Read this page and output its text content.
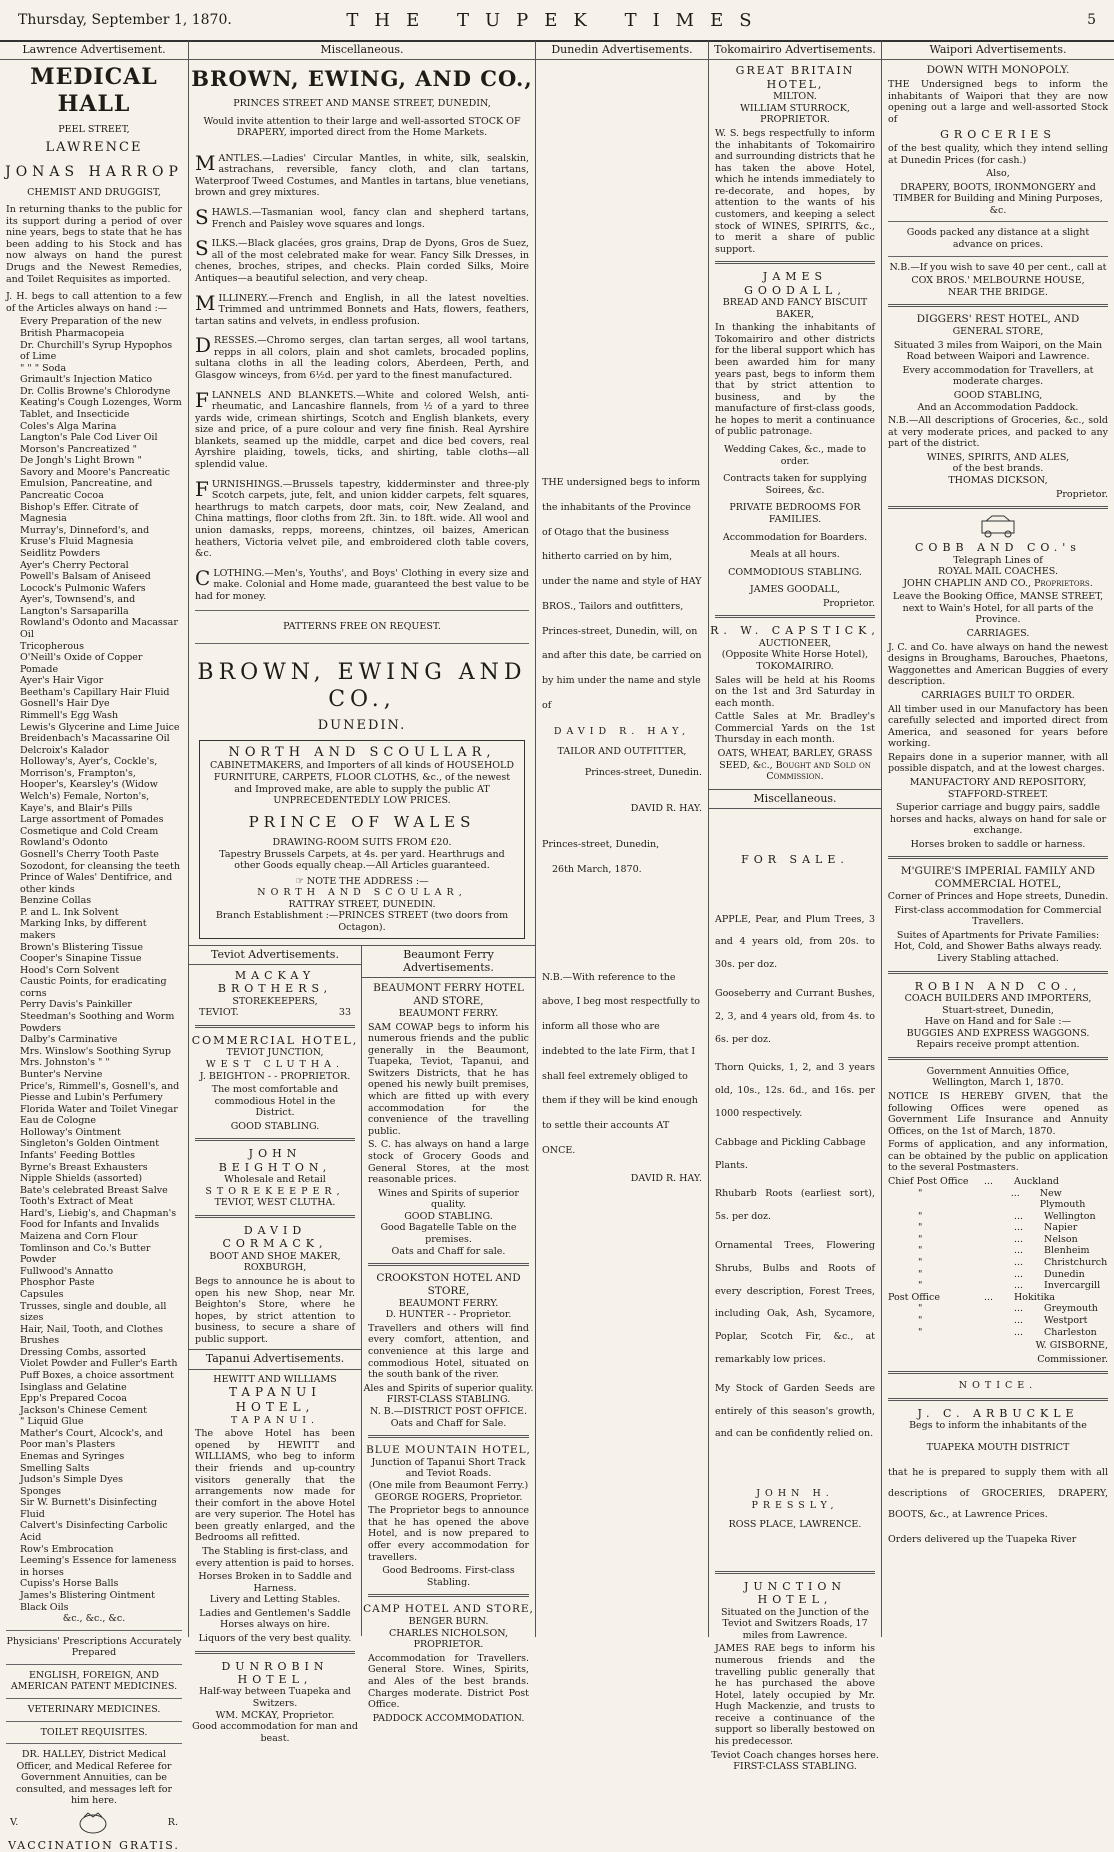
Thursday, September 1, 1870.	THE TUPEK TIMES	5
Lawrence Advertisement.
MEDICAL HALL
PEEL STREET,
LAWRENCE
JONAS HARROP
CHEMIST AND DRUGGIST,
In returning thanks to the public for its support during a period of over nine years, begs to state that he has been adding to his Stock and has now always on hand the purest Drugs and the Newest Remedies, and Toilet Requisites as imported.
J. H. begs to call attention to a few of the Articles always on hand :—
Every Preparation of the new British Pharmacopeia
Dr. Churchill's Syrup Hypophos of Lime
" " " Soda
Grimault's Injection Matico
Dr. Collis Browne's Chlorodyne
Keating's Cough Lozenges, Worm Tablet, and Insecticide
Coles's Alga Marina
Langton's Pale Cod Liver Oil
Morson's Pancreatized "
De Jongh's Light Brown "
Savory and Moore's Pancreatic Emulsion, Pancreatine, and Pancreatic Cocoa
Bishop's Effer. Citrate of Magnesia
Murray's, Dinneford's, and Kruse's Fluid Magnesia
Seidlitz Powders
Ayer's Cherry Pectoral
Powell's Balsam of Aniseed
Locock's Pulmonic Wafers
Ayer's, Townsend's, and Langton's Sarsaparilla
Rowland's Odonto and Macassar Oil
Tricopherous
O'Neill's Oxide of Copper Pomade
Ayer's Hair Vigor
Beetham's Capillary Hair Fluid
Gosnell's Hair Dye
Rimmell's Egg Wash
Lewis's Glycerine and Lime Juice
Breidenbach's Macassarine Oil
Delcroix's Kalador
Holloway's, Ayer's, Cockle's, Morrison's, Frampton's, Hooper's, Kearsley's (Widow Welch's) Female, Norton's, Kaye's, and Blair's Pills
Large assortment of Pomades
Cosmetique and Cold Cream
Rowland's Odonto
Gosnell's Cherry Tooth Paste
Sozodont, for cleansing the teeth
Prince of Wales' Dentifrice, and other kinds
Benzine Collas
P. and L. Ink Solvent
Marking Inks, by different makers
Brown's Blistering Tissue
Cooper's Sinapine Tissue
Hood's Corn Solvent
Caustic Points, for eradicating corns
Perry Davis's Painkiller
Steedman's Soothing and Worm Powders
Dalby's Carminative
Mrs. Winslow's Soothing Syrup
Mrs. Johnston's " "
Bunter's Nervine
Price's, Rimmell's, Gosnell's, and Piesse and Lubin's Perfumery
Florida Water and Toilet Vinegar
Eau de Cologne
Holloway's Ointment
Singleton's Golden Ointment
Infants' Feeding Bottles
Byrne's Breast Exhausters
Nipple Shields (assorted)
Bate's celebrated Breast Salve
Tooth's Extract of Meat
Hard's, Liebig's, and Chapman's Food for Infants and Invalids
Maizena and Corn Flour
Tomlinson and Co.'s Butter Powder
Fullwood's Annatto
Phosphor Paste
Capsules
Trusses, single and double, all sizes
Hair, Nail, Tooth, and Clothes Brushes
Dressing Combs, assorted
Violet Powder and Fuller's Earth
Puff Boxes, a choice assortment
Isinglass and Gelatine
Epp's Prepared Cocoa
Jackson's Chinese Cement
" Liquid Glue
Mather's Court, Alcock's, and Poor man's Plasters
Enemas and Syringes
Smelling Salts
Judson's Simple Dyes
Sponges
Sir W. Burnett's Disinfecting Fluid
Calvert's Disinfecting Carbolic Acid
Row's Embrocation
Leeming's Essence for lameness in horses
Cupiss's Horse Balls
James's Blistering Ointment
Black Oils
&c., &c., &c.
Physicians' Prescriptions Accurately Prepared
ENGLISH, FOREIGN, AND AMERICAN PATENT MEDICINES.
VETERINARY MEDICINES.
TOILET REQUISITES.
DR. HALLEY, District Medical Officer, and Medical Referee for Government Annuities, can be consulted, and messages left for him here.
V.	R.
VACCINATION GRATIS.
Miscellaneous.
BROWN, EWING, AND CO.,
PRINCES STREET AND MANSE STREET, DUNEDIN,
Would invite attention to their large and well-assorted STOCK OF DRAPERY, imported direct from the Home Markets.
MANTLES.—Ladies' Circular Mantles, in white, silk, sealskin, astrachans, reversible, fancy cloth, and clan tartans, Waterproof Tweed Costumes, and Mantles in tartans, blue venetians, brown and grey mixtures.
SHAWLS.—Tasmanian wool, fancy clan and shepherd tartans, French and Paisley wove squares and longs.
SILKS.—Black glacées, gros grains, Drap de Dyons, Gros de Suez, all of the most celebrated make for wear. Fancy Silk Dresses, in chenes, broches, stripes, and checks. Plain corded Silks, Moire Antiques—a beautiful selection, and very cheap.
MILLINERY.—French and English, in all the latest novelties. Trimmed and untrimmed Bonnets and Hats, flowers, feathers, tartan satins and velvets, in endless profusion.
DRESSES.—Chromo serges, clan tartan serges, all wool tartans, repps in all colors, plain and shot camlets, brocaded poplins, sultana cloths in all the leading colors, Aberdeen, Perth, and Glasgow winceys, from 6½d. per yard to the finest manufactured.
FLANNELS AND BLANKETS.—White and colored Welsh, anti-rheumatic, and Lancashire flannels, from ½ of a yard to three yards wide, crimean shirtings, Scotch and English blankets, every size and price, of a pure colour and very fine finish. Real Ayrshire blankets, seamed up the middle, carpet and dice bed covers, real Ayrshire plaiding, towels, ticks, and shirting, table cloths—all splendid value.
FURNISHINGS.—Brussels tapestry, kidderminster and three-ply Scotch carpets, jute, felt, and union kidder carpets, felt squares, hearthrugs to match carpets, door mats, coir, New Zealand, and China mattings, floor cloths from 2ft. 3in. to 18ft. wide. All wool and union damasks, repps, moreens, chintzes, oil baizes, American heathers, Victoria velvet pile, and embroidered cloth table covers, &c.
CLOTHING.—Men's, Youths', and Boys' Clothing in every size and make. Colonial and Home made, guaranteed the best value to be had for money.
PATTERNS FREE ON REQUEST.
BROWN, EWING AND CO.,
DUNEDIN.
NORTH AND SCOULLAR,
CABINETMAKERS, and Importers of all kinds of HOUSEHOLD FURNITURE, CARPETS, FLOOR CLOTHS, &c., of the newest and Improved make, are able to supply the public AT UNPRECEDENTEDLY LOW PRICES.
PRINCE OF WALES
DRAWING-ROOM SUITS FROM £20.
Tapestry Brussels Carpets, at 4s. per yard. Hearthrugs and other Goods equally cheap.—All Articles guaranteed.
☞ NOTE THE ADDRESS :—
NORTH AND SCOULAR,
RATTRAY STREET, DUNEDIN.
Branch Establishment :—PRINCES STREET (two doors from Octagon).
Teviot Advertisements.
MACKAY BROTHERS,
STOREKEEPERS,
TEVIOT.	33
COMMERCIAL HOTEL,
TEVIOT JUNCTION,
WEST CLUTHA.
J. BEIGHTON - - PROPRIETOR.
The most comfortable and commodious Hotel in the District.
GOOD STABLING.
JOHN BEIGHTON,
Wholesale and Retail
STOREKEEPER,
TEVIOT, WEST CLUTHA.
DAVID CORMACK,
BOOT AND SHOE MAKER,
ROXBURGH,
Begs to announce he is about to open his new Shop, near Mr. Beighton's Store, where he hopes, by strict attention to business, to secure a share of public support.
Tapanui Advertisements.
HEWITT AND WILLIAMS
TAPANUI HOTEL,
TAPANUI.
The above Hotel has been opened by HEWITT and WILLIAMS, who beg to inform their friends and up-country visitors generally that the arrangements now made for their comfort in the above Hotel are very superior. The Hotel has been greatly enlarged, and the Bedrooms all refitted.
The Stabling is first-class, and every attention is paid to horses.
Horses Broken in to Saddle and Harness.
Livery and Letting Stables.
Ladies and Gentlemen's Saddle Horses always on hire.
Liquors of the very best quality.
DUNROBIN HOTEL,
Half-way between Tuapeka and Switzers.
WM. MCKAY, Proprietor.
Good accommodation for man and beast.
Beaumont Ferry Advertisements.
BEAUMONT FERRY HOTEL AND STORE,
BEAUMONT FERRY.
SAM COWAP begs to inform his numerous friends and the public generally in the Beaumont, Tuapeka, Teviot, Tapanui, and Switzers Districts, that he has opened his newly built premises, which are fitted up with every accommodation for the convenience of the travelling public.
S. C. has always on hand a large stock of Grocery Goods and General Stores, at the most reasonable prices.
Wines and Spirits of superior quality.
GOOD STABLING.
Good Bagatelle Table on the premises.
Oats and Chaff for sale.
CROOKSTON HOTEL AND STORE,
BEAUMONT FERRY.
D. HUNTER - - Proprietor.
Travellers and others will find every comfort, attention, and convenience at this large and commodious Hotel, situated on the south bank of the river.
Ales and Spirits of superior quality.
FIRST-CLASS STABLING.
N. B.—DISTRICT POST OFFICE.
Oats and Chaff for Sale.
BLUE MOUNTAIN HOTEL,
Junction of Tapanui Short Track and Teviot Roads.
(One mile from Beaumont Ferry.)
GEORGE ROGERS, Proprietor.
The Proprietor begs to announce that he has opened the above Hotel, and is now prepared to offer every accommodation for travellers.
Good Bedrooms. First-class Stabling.
CAMP HOTEL AND STORE,
BENGER BURN.
CHARLES NICHOLSON, PROPRIETOR.
Accommodation for Travellers. General Store. Wines, Spirits, and Ales of the best brands. Charges moderate. District Post Office.
PADDOCK ACCOMMODATION.
Dunedin Advertisements.
THE undersigned begs to inform the inhabitants of the Province of Otago that the business hitherto carried on by him, under the name and style of HAY BROS., Tailors and outfitters, Princes-street, Dunedin, will, on and after this date, be carried on by him under the name and style of
DAVID R. HAY,
TAILOR AND OUTFITTER,
Princes-street, Dunedin.
DAVID R. HAY.
Princes-street, Dunedin,
26th March, 1870.
N.B.—With reference to the above, I beg most respectfully to inform all those who are indebted to the late Firm, that I shall feel extremely obliged to them if they will be kind enough to settle their accounts AT ONCE.
DAVID R. HAY.
Tokomairiro Advertisements.
GREAT BRITAIN HOTEL,
MILTON.
WILLIAM STURROCK, PROPRIETOR.
W. S. begs respectfully to inform the inhabitants of Tokomairiro and surrounding districts that he has taken the above Hotel, which he intends immediately to re-decorate, and hopes, by attention to the wants of his customers, and keeping a select stock of WINES, SPIRITS, &c., to merit a share of public support.
JAMES GOODALL,
BREAD AND FANCY BISCUIT
BAKER,
In thanking the inhabitants of Tokomairiro and other districts for the liberal support which has been awarded him for many years past, begs to inform them that by strict attention to business, and by the manufacture of first-class goods, he hopes to merit a continuance of public patronage.
Wedding Cakes, &c., made to order.
Contracts taken for supplying Soirees, &c.
PRIVATE BEDROOMS FOR FAMILIES.
Accommodation for Boarders.
Meals at all hours.
COMMODIOUS STABLING.
JAMES GOODALL,
Proprietor.
R. W. CAPSTICK,
AUCTIONEER,
(Opposite White Horse Hotel),
TOKOMAIRIRO.
Sales will be held at his Rooms on the 1st and 3rd Saturday in each month.
Cattle Sales at Mr. Bradley's Commercial Yards on the 1st Thursday in each month.
OATS, WHEAT, BARLEY, GRASS SEED, &c., Bought and Sold on Commission.
Miscellaneous.
FOR SALE.
APPLE, Pear, and Plum Trees, 3 and 4 years old, from 20s. to 30s. per doz.
Gooseberry and Currant Bushes, 2, 3, and 4 years old, from 4s. to 6s. per doz.
Thorn Quicks, 1, 2, and 3 years old, 10s., 12s. 6d., and 16s. per 1000 respectively.
Cabbage and Pickling Cabbage Plants.
Rhubarb Roots (earliest sort), 5s. per doz.
Ornamental Trees, Flowering Shrubs, Bulbs and Roots of every description, Forest Trees, including Oak, Ash, Sycamore, Poplar, Scotch Fir, &c., at remarkably low prices.
My Stock of Garden Seeds are entirely of this season's growth, and can be confidently relied on.
JOHN H. PRESSLY,
ROSS PLACE, LAWRENCE.
JUNCTION HOTEL,
Situated on the Junction of the Teviot and Switzers Roads, 17 miles from Lawrence.
JAMES RAE begs to inform his numerous friends and the travelling public generally that he has purchased the above Hotel, lately occupied by Mr. Hugh Mackenzie, and trusts to receive a continuance of the support so liberally bestowed on his predecessor.
Teviot Coach changes horses here.
FIRST-CLASS STABLING.
Waipori Advertisements.
DOWN WITH MONOPOLY.
THE Undersigned begs to inform the inhabitants of Waipori that they are now opening out a large and well-assorted Stock of
GROCERIES
of the best quality, which they intend selling at Dunedin Prices (for cash.)
Also,
DRAPERY, BOOTS, IRONMONGERY and TIMBER for Building and Mining Purposes, &c.
Goods packed any distance at a slight advance on prices.
N.B.—If you wish to save 40 per cent., call at
COX BROS.' MELBOURNE HOUSE,
NEAR THE BRIDGE.
DIGGERS' REST HOTEL, AND
GENERAL STORE,
Situated 3 miles from Waipori, on the Main Road between Waipori and Lawrence.
Every accommodation for Travellers, at moderate charges.
GOOD STABLING,
And an Accommodation Paddock.
N.B.—All descriptions of Groceries, &c., sold at very moderate prices, and packed to any part of the district.
WINES, SPIRITS, AND ALES,
of the best brands.
THOMAS DICKSON,
Proprietor.
COBB AND CO.'s
Telegraph Lines of
ROYAL MAIL COACHES.
JOHN CHAPLIN AND CO., Proprietors.
Leave the Booking Office, MANSE STREET, next to Wain's Hotel, for all parts of the Province.
CARRIAGES.
J. C. and Co. have always on hand the newest designs in Broughams, Barouches, Phaetons, Waggonettes and American Buggies of every description.
CARRIAGES BUILT TO ORDER.
All timber used in our Manufactory has been carefully selected and imported direct from America, and seasoned for years before working.
Repairs done in a superior manner, with all possible dispatch, and at the lowest charges.
MANUFACTORY AND REPOSITORY,
STAFFORD-STREET.
Superior carriage and buggy pairs, saddle horses and hacks, always on hand for sale or exchange.
Horses broken to saddle or harness.
M'GUIRE'S IMPERIAL FAMILY AND COMMERCIAL HOTEL,
Corner of Princes and Hope streets, Dunedin.
First-class accommodation for Commercial Travellers.
Suites of Apartments for Private Families: Hot, Cold, and Shower Baths always ready. Livery Stabling attached.
ROBIN AND CO.,
COACH BUILDERS AND IMPORTERS,
Stuart-street, Dunedin,
Have on Hand and for Sale :—
BUGGIES AND EXPRESS WAGGONS.
Repairs receive prompt attention.
Government Annuities Office,
Wellington, March 1, 1870.
NOTICE IS HEREBY GIVEN, that the following Offices were opened as Government Life Insurance and Annuity Offices, on the 1st of March, 1870.
Forms of application, and any information, can be obtained by the public on application to the several Postmasters.
Chief Post Office	...	Auckland
"	...	New Plymouth
"	...	Wellington
"	...	Napier
"	...	Nelson
"	...	Blenheim
"	...	Christchurch
"	...	Dunedin
"	...	Invercargill
Post Office	...	Hokitika
"	...	Greymouth
"	...	Westport
"	...	Charleston
W. GISBORNE,
Commissioner.
NOTICE.
J. C. ARBUCKLE
Begs to inform the inhabitants of the
TUAPEKA MOUTH DISTRICT
that he is prepared to supply them with all descriptions of GROCERIES, DRAPERY, BOOTS, &c., at Lawrence Prices.
Orders delivered up the Tuapeka River
